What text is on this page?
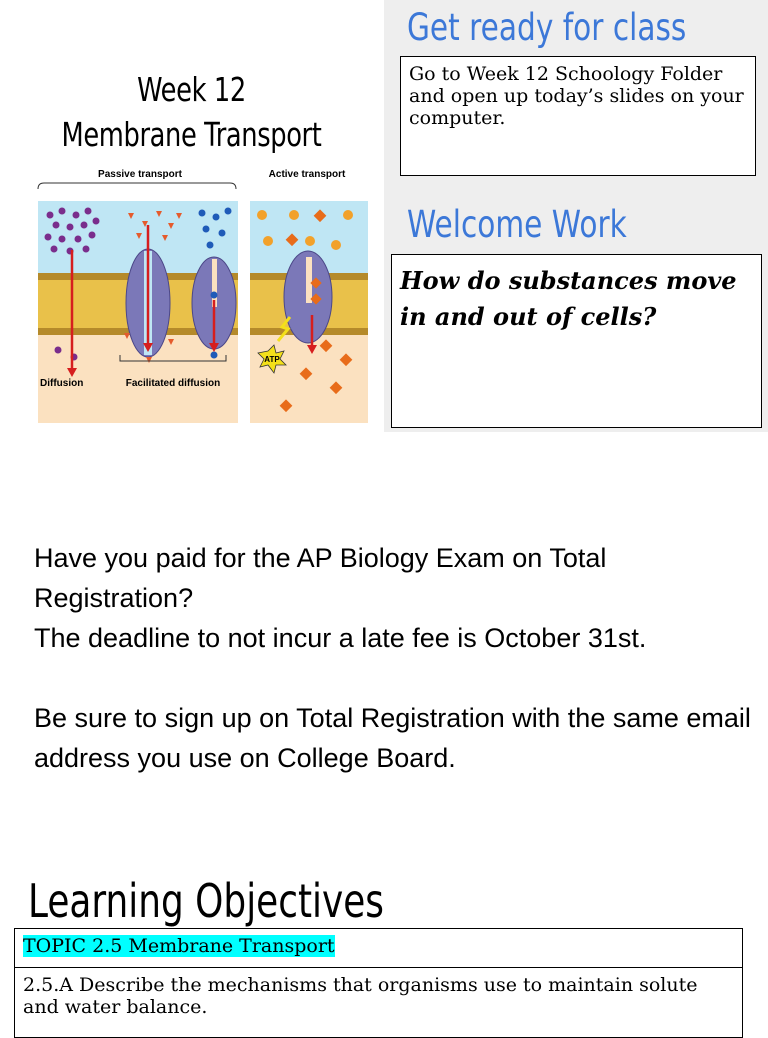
Week 12
Membrane Transport
Passive transport	Active transport
Diffusion	Facilitated diffusion
ATP
Get ready for class
Go to Week 12 Schoology Folder and open up today’s slides on your computer.
Welcome Work
How do substances move in and out of cells?
Have you paid for the AP Biology Exam on Total Registration?
The deadline to not incur a late fee is October 31st.
Be sure to sign up on Total Registration with the same email address you use on College Board.
Learning Objectives
TOPIC 2.5 Membrane Transport
2.5.A Describe the mechanisms that organisms use to maintain solute and water balance.
